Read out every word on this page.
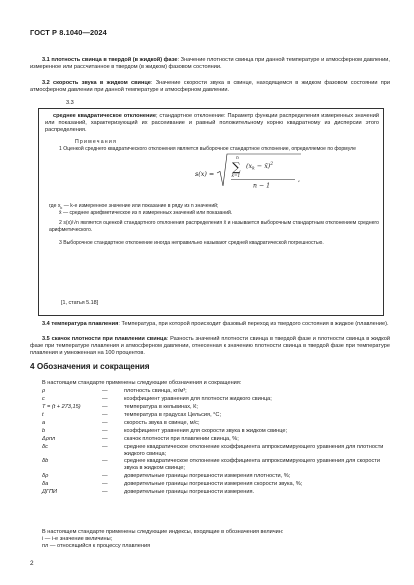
ГОСТ Р 8.1040—2024
3.1 плотность свинца в твердой (в жидкой) фазе: Значение плотности свинца при данной температуре и атмосферном давлении, измеренное или рассчитанное в твердом (в жидком) фазовом состоянии.
3.2 скорость звука в жидком свинце: Значение скорости звука в свинце, находящемся в жидком фазовом состоянии при атмосферном давлении при данной температуре и атмосферном давлении.
3.3
среднее квадратическое отклонение; стандартное отклонение: Параметр функции распределения измеренных значений или показаний, характеризующий их рассеивание и равный положительному корню квадратному из дисперсии этого распределения.
Примечания
1 Оценкой среднего квадратического отклонения является выборочное стандартное отклонение, определяемое по формуле
s(x) =
n
∑
k=1
($x_k$ − x̄)$^2$
n − 1
,
где $x_k$ — k-е измеренное значение или показание в ряду из n значений;
x̄ — среднее арифметическое из n измеренных значений или показаний.
2 s(x)/√n является оценкой стандартного отклонения распределения x̄ и называется выборочным стандартным отклонением среднего арифметического.
3 Выборочное стандартное отклонение иногда неправильно называют средней квадратической погрешностью.
[1, статья 5.18]
3.4 температура плавления: Температура, при которой происходит фазовый переход из твердого состояния в жидкое (плавление).
3.5 скачок плотности при плавлении свинца: Разность значений плотности свинца в твердой фазе и плотности свинца в жидкой фазе при температуре плавления и атмосферном давлении, отнесенная к значению плотности свинца в твердой фазе при температуре плавления и умноженная на 100 процентов.
4 Обозначения и сокращения
В настоящем стандарте применены следующие обозначения и сокращения:
ρ	—	плотность свинца, кг/м³;
c	—	коэффициент уравнения для плотности жидкого свинца;
T = (t + 273,15)	—	температура в кельвинах, К;
t	—	температура в градусах Цельсия, °С;
a	—	скорость звука в свинце, м/с;
b	—	коэффициент уравнения для скорости звука в жидком свинце;
Δρпл	—	скачок плотности при плавлении свинца, %;
δc	—	среднее квадратическое отклонение коэффициента аппроксимирующего уравнения для плотности жидкого свинца;
δb	—	среднее квадратическое отклонение коэффициента аппроксимирующего уравнения для скорости звука в жидком свинце;
δρ	—	доверительные границы погрешности измерения плотности, %;
δa	—	доверительные границы погрешности измерения скорости звука, %;
ДГПИ	—	доверительные границы погрешности измерения.
В настоящем стандарте применены следующие индексы, входящие в обозначения величин:
i — i-е значение величины;
пл — относящийся к процессу плавления
2
